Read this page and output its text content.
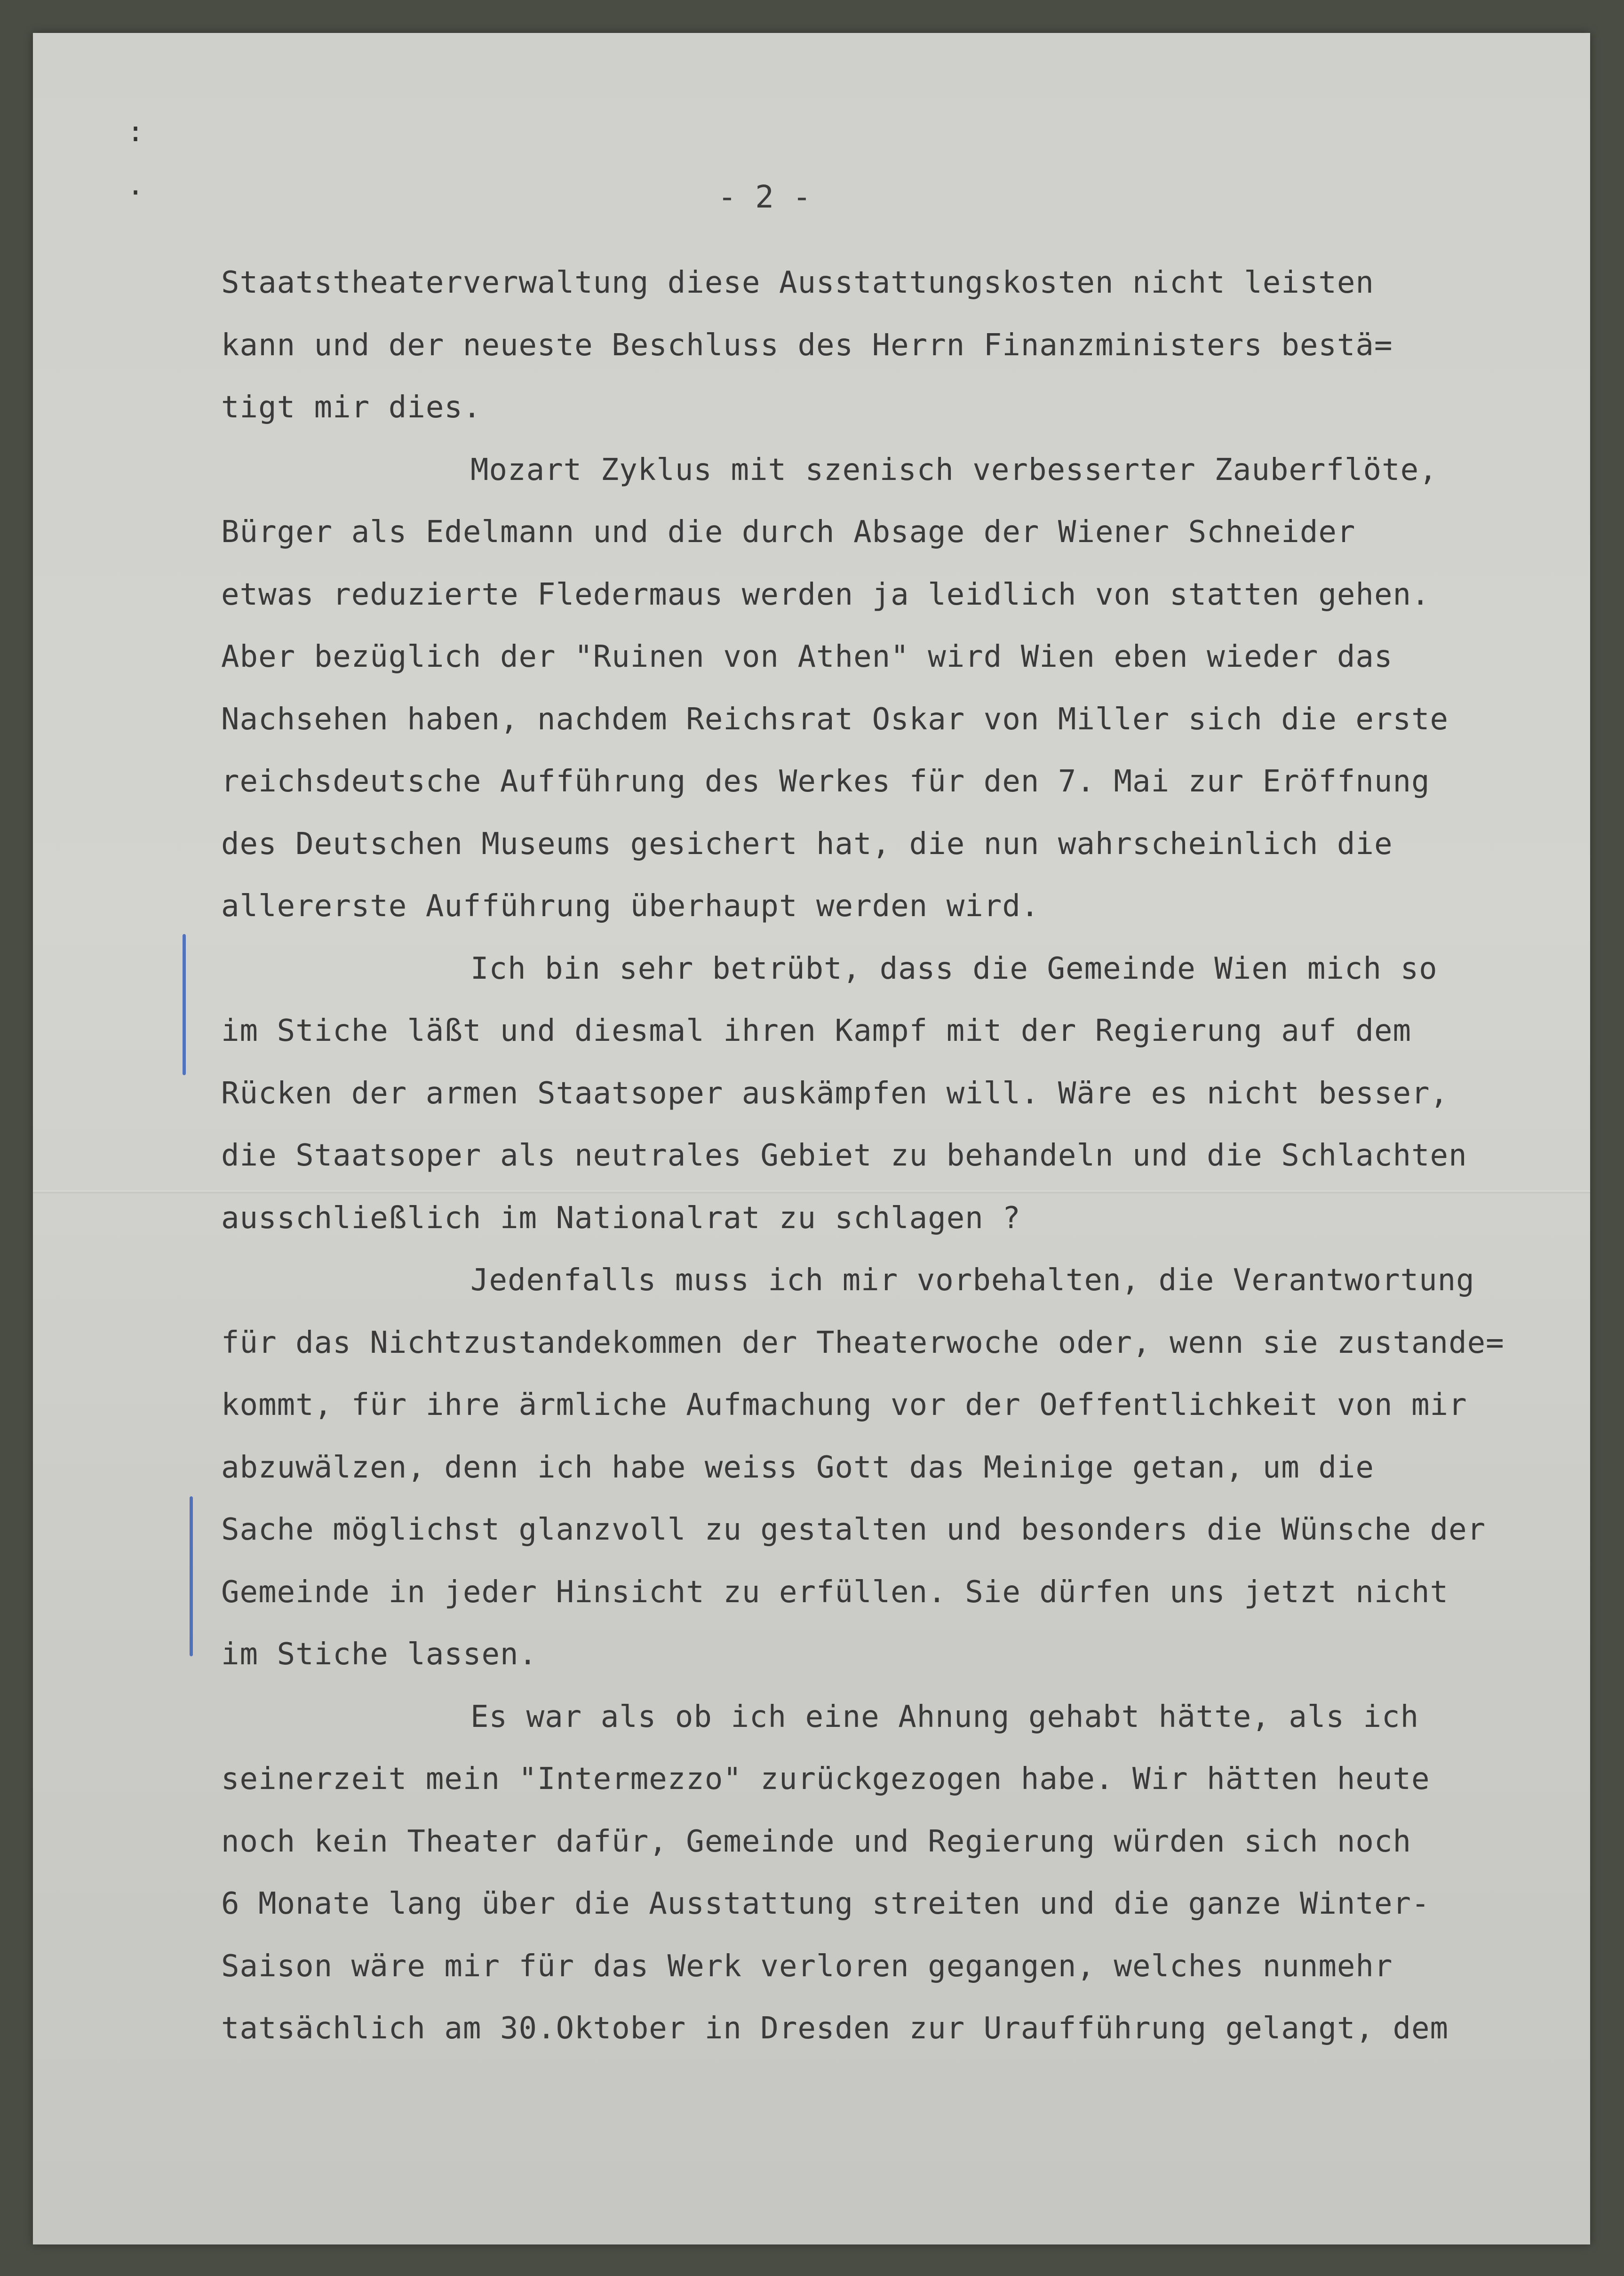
:
·	- 2 -
Staatstheaterverwaltung diese Ausstattungskosten nicht leisten
kann und der neueste Beschluss des Herrn Finanzministers bestä=
tigt mir dies.
Mozart Zyklus mit szenisch verbesserter Zauberflöte,
Bürger als Edelmann und die durch Absage der Wiener Schneider
etwas reduzierte Fledermaus werden ja leidlich von statten gehen.
Aber bezüglich der "Ruinen von Athen" wird Wien eben wieder das
Nachsehen haben, nachdem Reichsrat Oskar von Miller sich die erste
reichsdeutsche Aufführung des Werkes für den 7. Mai zur Eröffnung
des Deutschen Museums gesichert hat, die nun wahrscheinlich die
allererste Aufführung überhaupt werden wird.
Ich bin sehr betrübt, dass die Gemeinde Wien mich so
im Stiche läßt und diesmal ihren Kampf mit der Regierung auf dem
Rücken der armen Staatsoper auskämpfen will. Wäre es nicht besser,
die Staatsoper als neutrales Gebiet zu behandeln und die Schlachten
ausschließlich im Nationalrat zu schlagen ?
Jedenfalls muss ich mir vorbehalten, die Verantwortung
für das Nichtzustandekommen der Theaterwoche oder, wenn sie zustande=
kommt, für ihre ärmliche Aufmachung vor der Oeffentlichkeit von mir
abzuwälzen, denn ich habe weiss Gott das Meinige getan, um die
Sache möglichst glanzvoll zu gestalten und besonders die Wünsche der
Gemeinde in jeder Hinsicht zu erfüllen. Sie dürfen uns jetzt nicht
im Stiche lassen.
Es war als ob ich eine Ahnung gehabt hätte, als ich
seinerzeit mein "Intermezzo" zurückgezogen habe. Wir hätten heute
noch kein Theater dafür, Gemeinde und Regierung würden sich noch
6 Monate lang über die Ausstattung streiten und die ganze Winter-
Saison wäre mir für das Werk verloren gegangen, welches nunmehr
tatsächlich am 30.Oktober in Dresden zur Uraufführung gelangt, dem
